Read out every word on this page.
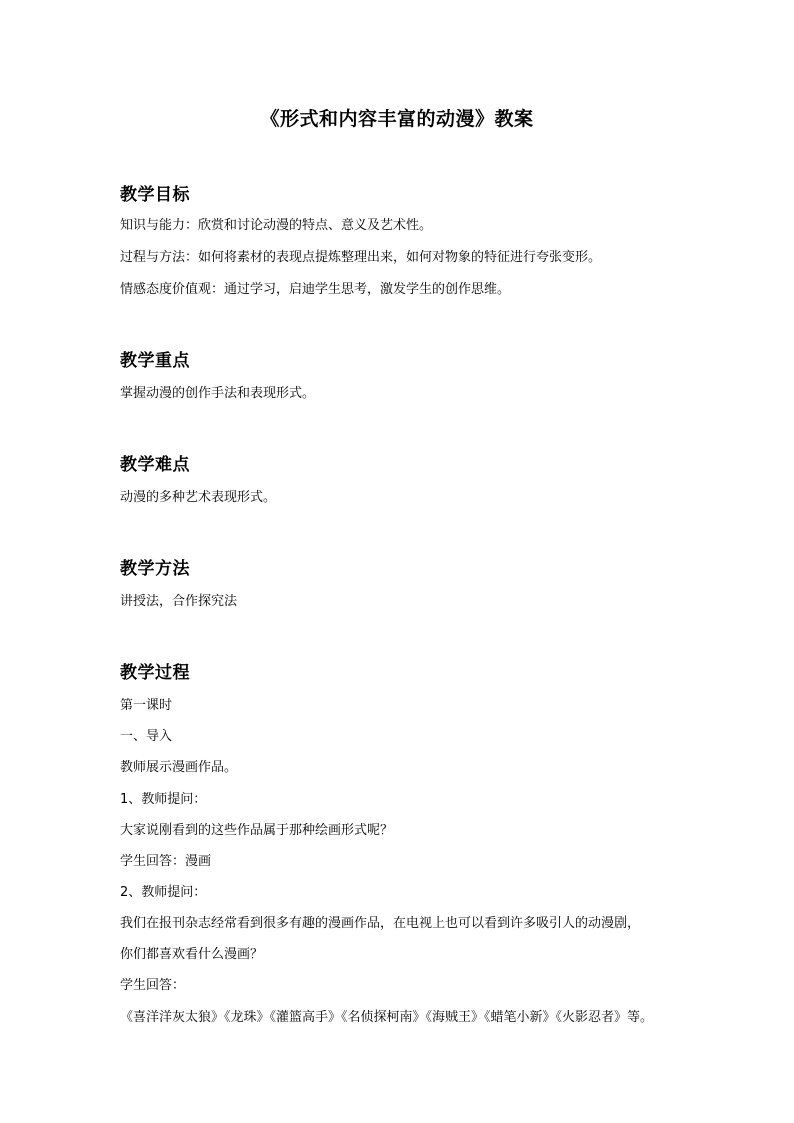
《形式和内容丰富的动漫》教案
教学目标
知识与能力：欣赏和讨论动漫的特点、意义及艺术性。
过程与方法：如何将素材的表现点提炼整理出来，如何对物象的特征进行夸张变形。
情感态度价值观：通过学习，启迪学生思考，激发学生的创作思维。
教学重点
掌握动漫的创作手法和表现形式。
教学难点
动漫的多种艺术表现形式。
教学方法
讲授法，合作探究法
教学过程
第一课时
一、导入
教师展示漫画作品。
1、教师提问：
大家说刚看到的这些作品属于那种绘画形式呢？
学生回答：漫画
2、教师提问：
我们在报刊杂志经常看到很多有趣的漫画作品，在电视上也可以看到许多吸引人的动漫剧，
你们都喜欢看什么漫画？
学生回答：
《喜洋洋灰太狼》《龙珠》《灌篮高手》《名侦探柯南》《海贼王》《蜡笔小新》《火影忍者》等。
